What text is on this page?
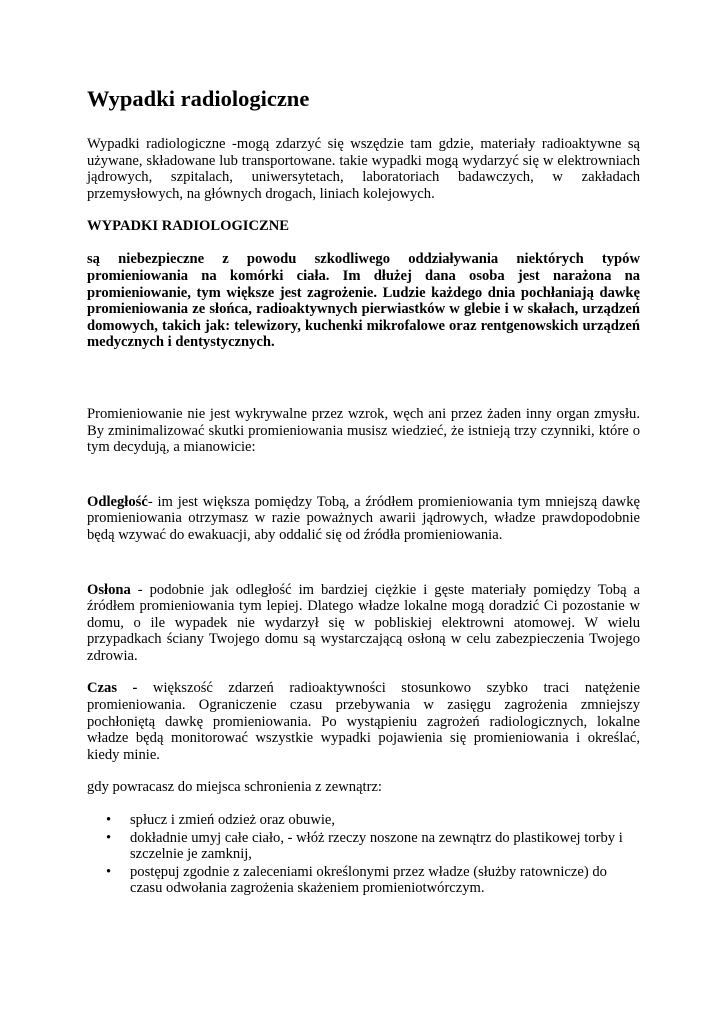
Wypadki radiologiczne

Wypadki radiologiczne -mogą zdarzyć się wszędzie tam gdzie, materiały radioaktywne są używane, składowane lub transportowane. takie wypadki mogą wydarzyć się w elektrowniach jądrowych, szpitalach, uniwersytetach, laboratoriach badawczych, w zakładach przemysłowych, na głównych drogach, liniach kolejowych.

WYPADKI RADIOLOGICZNE

są niebezpieczne z powodu szkodliwego oddziaływania niektórych typów promieniowania na komórki ciała. Im dłużej dana osoba jest narażona na promieniowanie, tym większe jest zagrożenie. Ludzie każdego dnia pochłaniają dawkę promieniowania ze słońca, radioaktywnych pierwiastków w glebie i w skałach, urządzeń domowych, takich jak: telewizory, kuchenki mikrofalowe oraz rentgenowskich urządzeń medycznych i dentystycznych.

Promieniowanie nie jest wykrywalne przez wzrok, węch ani przez żaden inny organ zmysłu. By zminimalizować skutki promieniowania musisz wiedzieć, że istnieją trzy czynniki, które o tym decydują, a mianowicie:

Odległość- im jest większa pomiędzy Tobą, a źródłem promieniowania tym mniejszą dawkę promieniowania otrzymasz w razie poważnych awarii jądrowych, władze prawdopodobnie będą wzywać do ewakuacji, aby oddalić się od źródła promieniowania.

Osłona - podobnie jak odległość im bardziej ciężkie i gęste materiały pomiędzy Tobą a źródłem promieniowania tym lepiej. Dlatego władze lokalne mogą doradzić Ci pozostanie w domu, o ile wypadek nie wydarzył się w pobliskiej elektrowni atomowej. W wielu przypadkach ściany Twojego domu są wystarczającą osłoną w celu zabezpieczenia Twojego zdrowia.

Czas - większość zdarzeń radioaktywności stosunkowo szybko traci natężenie promieniowania. Ograniczenie czasu przebywania w zasięgu zagrożenia zmniejszy pochłoniętą dawkę promieniowania. Po wystąpieniu zagrożeń radiologicznych, lokalne władze będą monitorować wszystkie wypadki pojawienia się promieniowania i określać, kiedy minie.

gdy powracasz do miejsca schronienia z zewnątrz:

• spłucz i zmień odzież oraz obuwie,
• dokładnie umyj całe ciało, - włóż rzeczy noszone na zewnątrz do plastikowej torby i szczelnie je zamknij,
• postępuj zgodnie z zaleceniami określonymi przez władze (służby ratownicze) do czasu odwołania zagrożenia skażeniem promieniotwórczym.
